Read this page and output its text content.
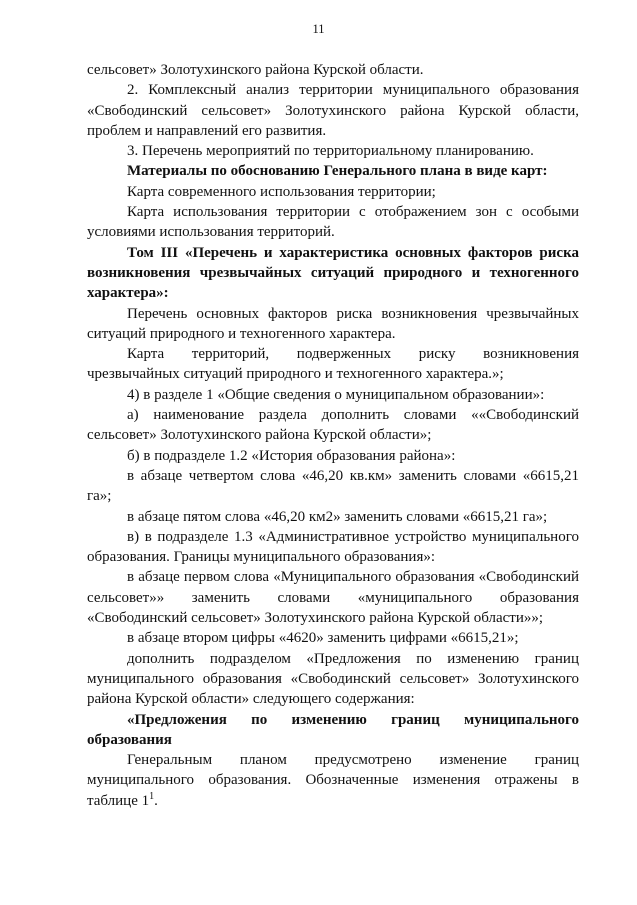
11

сельсовет» Золотухинского района Курской области.

2. Комплексный анализ территории муниципального образования «Свободинский сельсовет» Золотухинского района Курской области, проблем и направлений его развития.

3. Перечень мероприятий по территориальному планированию.

Материалы по обоснованию Генерального плана в виде карт:

Карта современного использования территории;

Карта использования территории с отображением зон с особыми условиями использования территорий.

Том III «Перечень и характеристика основных факторов риска возникновения чрезвычайных ситуаций природного и техногенного характера»:

Перечень основных факторов риска возникновения чрезвычайных ситуаций природного и техногенного характера.

Карта территорий, подверженных риску возникновения чрезвычайных ситуаций природного и техногенного характера.»;

4) в разделе 1 «Общие сведения о муниципальном образовании»:

а) наименование раздела дополнить словами ««Свободинский сельсовет» Золотухинского района Курской области»;

б) в подразделе 1.2 «История образования района»:

в абзаце четвертом слова «46,20 кв.км» заменить словами «6615,21 га»;

в абзаце пятом слова «46,20 км2» заменить словами «6615,21 га»;

в) в подразделе 1.3 «Административное устройство муниципального образования. Границы муниципального образования»:

в абзаце первом слова «Муниципального образования «Свободинский сельсовет»» заменить словами «муниципального образования «Свободинский сельсовет» Золотухинского района Курской области»»;

в абзаце втором цифры «4620» заменить цифрами «6615,21»;

дополнить подразделом «Предложения по изменению границ муниципального образования «Свободинский сельсовет» Золотухинского района Курской области» следующего содержания:

«Предложения по изменению границ муниципального образования

Генеральным планом предусмотрено изменение границ муниципального образования. Обозначенные изменения отражены в таблице $1^1$.
